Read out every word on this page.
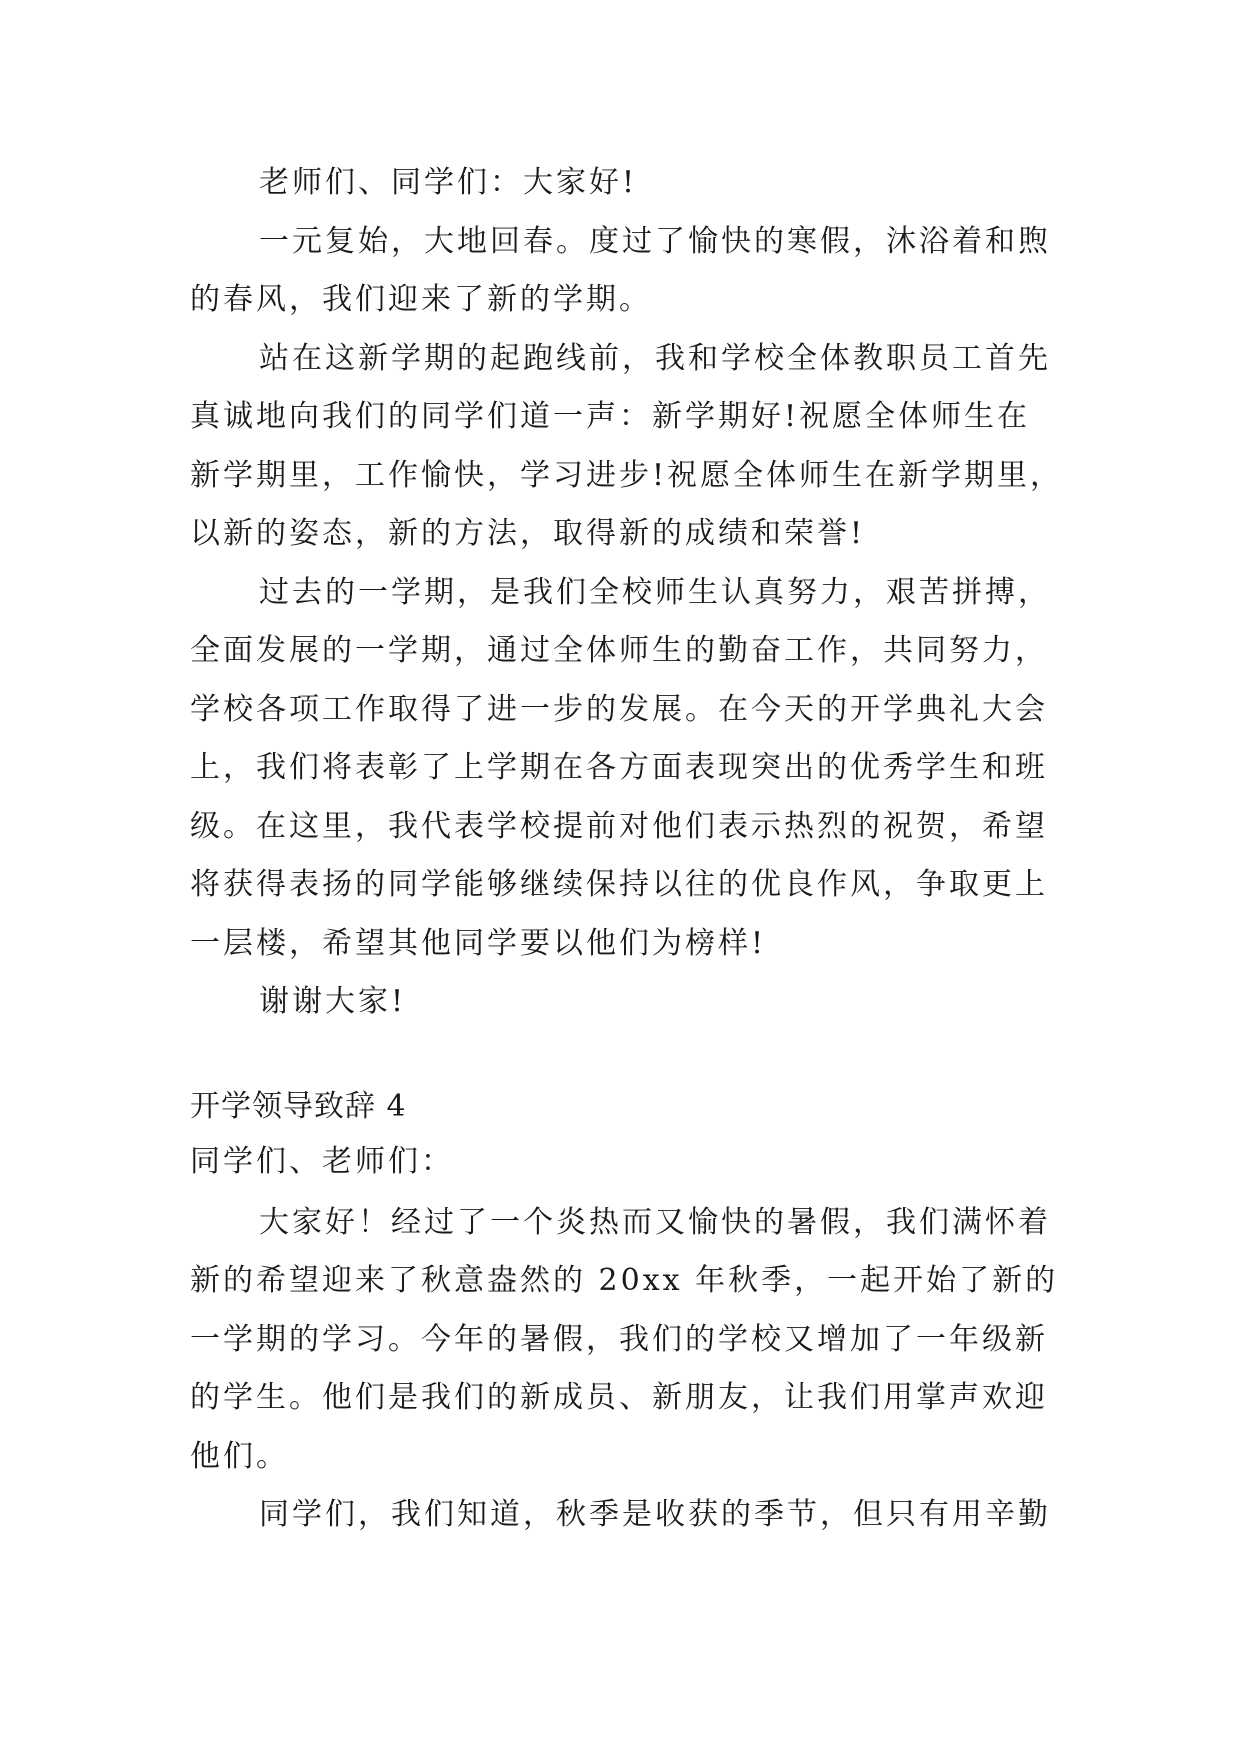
老师们、同学们：大家好!
一元复始，大地回春。度过了愉快的寒假，沐浴着和煦
的春风，我们迎来了新的学期。
站在这新学期的起跑线前，我和学校全体教职员工首先
真诚地向我们的同学们道一声：新学期好!祝愿全体师生在
新学期里，工作愉快，学习进步!祝愿全体师生在新学期里，
以新的姿态，新的方法，取得新的成绩和荣誉!
过去的一学期，是我们全校师生认真努力，艰苦拼搏，
全面发展的一学期，通过全体师生的勤奋工作，共同努力，
学校各项工作取得了进一步的发展。在今天的开学典礼大会
上，我们将表彰了上学期在各方面表现突出的优秀学生和班
级。在这里，我代表学校提前对他们表示热烈的祝贺，希望
将获得表扬的同学能够继续保持以往的优良作风，争取更上
一层楼，希望其他同学要以他们为榜样!
谢谢大家!
开学领导致辞 4
同学们、老师们：
大家好！经过了一个炎热而又愉快的暑假，我们满怀着
新的希望迎来了秋意盎然的 20xx 年秋季，一起开始了新的
一学期的学习。今年的暑假，我们的学校又增加了一年级新
的学生。他们是我们的新成员、新朋友，让我们用掌声欢迎
他们。
同学们，我们知道，秋季是收获的季节，但只有用辛勤
